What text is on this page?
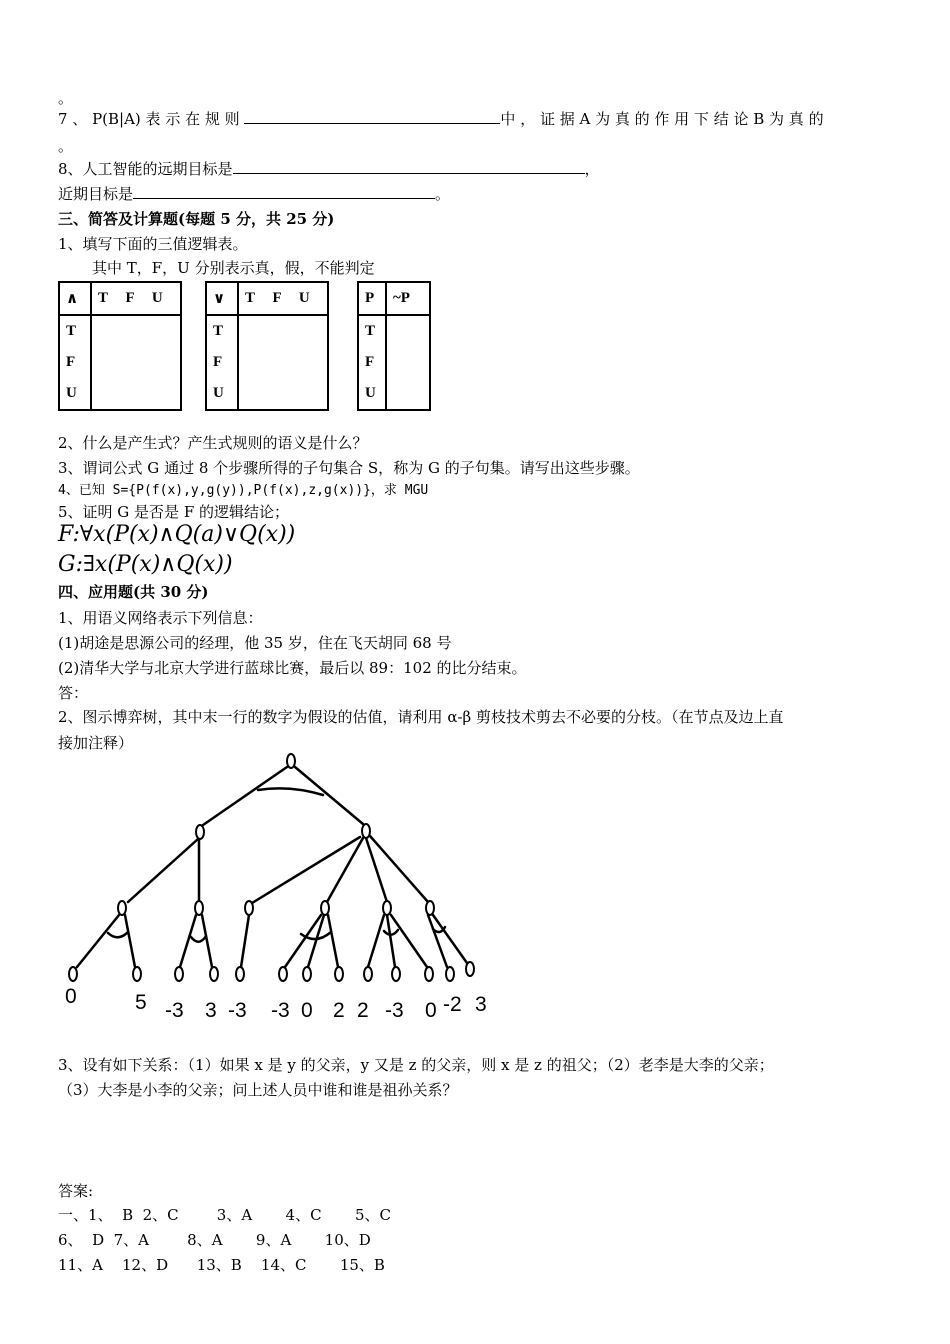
。
7 、 P(B|A) 表 示 在 规 则	中 ， 证 据 A 为 真 的 作 用 下 结 论 B 为 真 的
。
8、人工智能的远期目标是	，
近期目标是	。
三、简答及计算题(每题 5 分，共 25 分)
1、填写下面的三值逻辑表。
其中 T，F，U 分别表示真，假，不能判定
∧	T F U
T	
F	
U	
∨	T F U
T	
F	
U	
P	~P
T	
F	
U	
2、什么是产生式？产生式规则的语义是什么？
3、谓词公式 G 通过 8 个步骤所得的子句集合 S，称为 G 的子句集。请写出这些步骤。
4、已知 S={P(f(x),y,g(y)),P(f(x),z,g(x))}，求 MGU
5、证明 G 是否是 F 的逻辑结论；
F:∀x(P(x)∧Q(a)∨Q(x))
G:∃x(P(x)∧Q(x))
四、应用题(共 30 分)
1、用语义网络表示下列信息：
(1)胡途是思源公司的经理，他 35 岁，住在飞天胡同 68 号
(2)清华大学与北京大学进行蓝球比赛，最后以 89：102 的比分结束。
答：
2、图示博弈树，其中末一行的数字为假设的估值，请利用 α-β 剪枝技术剪去不必要的分枝。（在节点及边上直
接加注释）
0	5 -3 3 -3 -3 0 2 2 -3 0 -2 3
3、设有如下关系：（1）如果 x 是 y 的父亲，y 又是 z 的父亲，则 x 是 z 的祖父；（2）老李是大李的父亲；
（3）大李是小李的父亲；问上述人员中谁和谁是祖孙关系？
答案:
一、1、  B  2、C        3、A       4、C       5、C
6、  D  7、A        8、A       9、A       10、D
11、A    12、D      13、B    14、C       15、B
